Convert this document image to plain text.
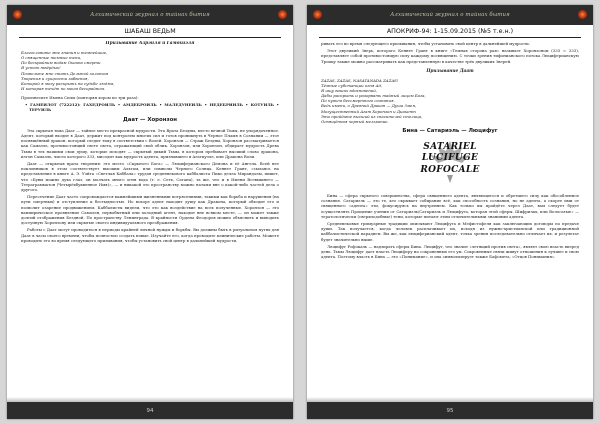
Алхимический журнал о тайнах бытия
ШАБАШ ВЕДЬМ
Призывание Азрэиля и Гамохиэля
Благословите мне знания и темнейшие,
О священные темные тени,
По бескрайним водам Океана смерти
Я устою твёрдых!
Позвольте мне стать Дельтой золотом
Творения и сущности забвения,
Которой я могу раскрыть на судьбе людям,
И которая течёт по моим бескрайним.

Произнесите Имена Силы (повторяя хором по три раза):

• ГАМЕИЛОТ (722212): ГАХЕДРОИЛЬ • АМДЕБРОИЛЬ • МАЛЕДУНЕИЛЬ • НЕДЕБРИИЛЬ • КОТУИЛЬ • ТЕРУИЛЬ

Даат — Хоронзон

Эта скрытая тьма Даат — тайное место прекрасной мудрости. Эта Врата Бездны, место вечной Тьмы, не упорядоченное. Адепт, который входит в Даат, держит под контролем многих сил и готов проникнуть в Черное Пламя в Сознании — этот посвящённый дракон, который следит тьму в соответствии с Волей. Хоронзон — Страж Бездны, Хоронзон рассматривается как Самаэль, противостоящий свете света, отражающий свой облик. Хоронзон, или Хоронзон, обдирает мудрость Древа Тьмы в тех нашими свои душу, которые исходят — скрытый дикий Тьмы, в котором пребывает высший слово дракона, изгон Самаэль, число которого 333, мисодит как мудрость адепта, признавшего в Агатцуэле, или Дракона Воли.

Даат — открытая врата творения: это место «Скрытого Бога» — Люциферианского Демона и её Ангела. Всей нет поклонников в этом соответствует высшим Альтам, или символы Черного Солнца. Кеннет Грант, ссылаясь на представление в книге А. Э. Уэйта «Светлая Каббала» трудов средневекового каббалиста Пико делла Мирандолы, пишет, что «Бувы можно духа глаз, он молчать много огня вода (т. е. Сетх, Сатана), та же, что и в Имени Всевышнего — Тетраграмматон (Четырёхбуквенное Имя)», — и никакой это пространству можно натами вне о какой-либо частей дела о другого.

Пересечение Даат часто сопровождается важнейшими жизненными потрясениями, такими как борьба и нарушения (на пути смертных) и отступление к бестыдностью. Но вскоре адепт находит душу как Дракона, который обходит его и позволит озарение продвижением. Каббалисты видели, что это как воздействие на всех полученные. Хоронзон — это вампирическое проявление Самаэля, первобытный или холодный агент, находит вне всяком месте, — он может также долгий отображения Бездной. По пространству Ленинграда. В крайности Ордена Феодоров можно объяснить и выводить доступную Хоронзону или скрытые своего индивидуального преображения.

Работы с Даат могут проводиться в периоды крайней личной нужды и борьбы. Вы должны быть в ритуальном путях для Даат в часы своего времени, чтобы полностью создать новые. Изучайте его, когда проводите клинические работы. Можете проводить его во время следующего призывания, чтобы установить свой центр в дальнейшей мудрости.

94
Алхимический журнал о тайнах бытия
АПОКРИФ-94: 1-15.09.2015 (№5 т.е.н.)

ривать его во время следующего призывания, чтобы установить свой центр в дальнейшей мудрости.

Этот двуликий Зверь, которого Кеннет Грант в книге «Темная сторона рая» называет Хоронзоном (333 = 333), представляет собой противостоящую силу каждому посвящению. С точки зрения тифонианского потока Люциферианскую Троицу также можно рассматривать как представленную в качестве трёх двуликих Зверей.

Призывание Даат
ZAZAS, ZAZAS, NASATANADA ZAZAS!
Тёмные субстанции огня Ад,
Я ищу ваших вдохновений,
Дабы раскрыть и разорвать тайный лицом Бога,
По путем бессмертного сознания.
Ведь имени, о Древний Дракон — Душа Змея,
Могущественный Агат Хоронзон и Диакент
Это пройдите высший из спасителей столица,
Освящённая черный мелькание.
Бина — Сатариэль — Люцифуг
SATARIEL
LUCIFUGE
ROFOCALE

Бина — сфера скрытого совершенства, сфера священного адепта, являющегося и обретшего силу как обособленное сознание. Сатариэль — это те, кто скрывает собирание всё, как способность сознания, но не адепта, а скорее ими от священного «адепта» эти, фокусируясь на внутреннем. Как только вы пройдёте через Даат, вам следует будет осуществлять Прощение учения от Сатариэль/Сатариэль и Люцифуга, которая этой сферы. Шифрилах, или Волосатые» — тератологически (сверхподобные) тени, которые питают этим отличительными знаниями адепта.

Средневековые гримуарные традиции описывают Люцифуга и Мефистофеля как заключающих договоры по предаче души. Так получается, когда человек расплачивает их, исходя из нужно-христианской или традиционной каббалистической парадигм. Вы же, как люциферианский адепт, точка зрения последовательно отличает их, и результат будет значительно выше.

Люцифуг Рофокаль — надзирать сферы Бина. Люцифуг, что значит «летящий против света», являет свою власть вперед день. Тьмы Люцифуг дает власть Люциферу на сокровенных его ум. Сокровенные связи живут отношения к лучшее и свою адепта. Поэтому власть в Бина — это «Понимание», и она символизирует также Бафомета, «Отцов Понимания».

95
